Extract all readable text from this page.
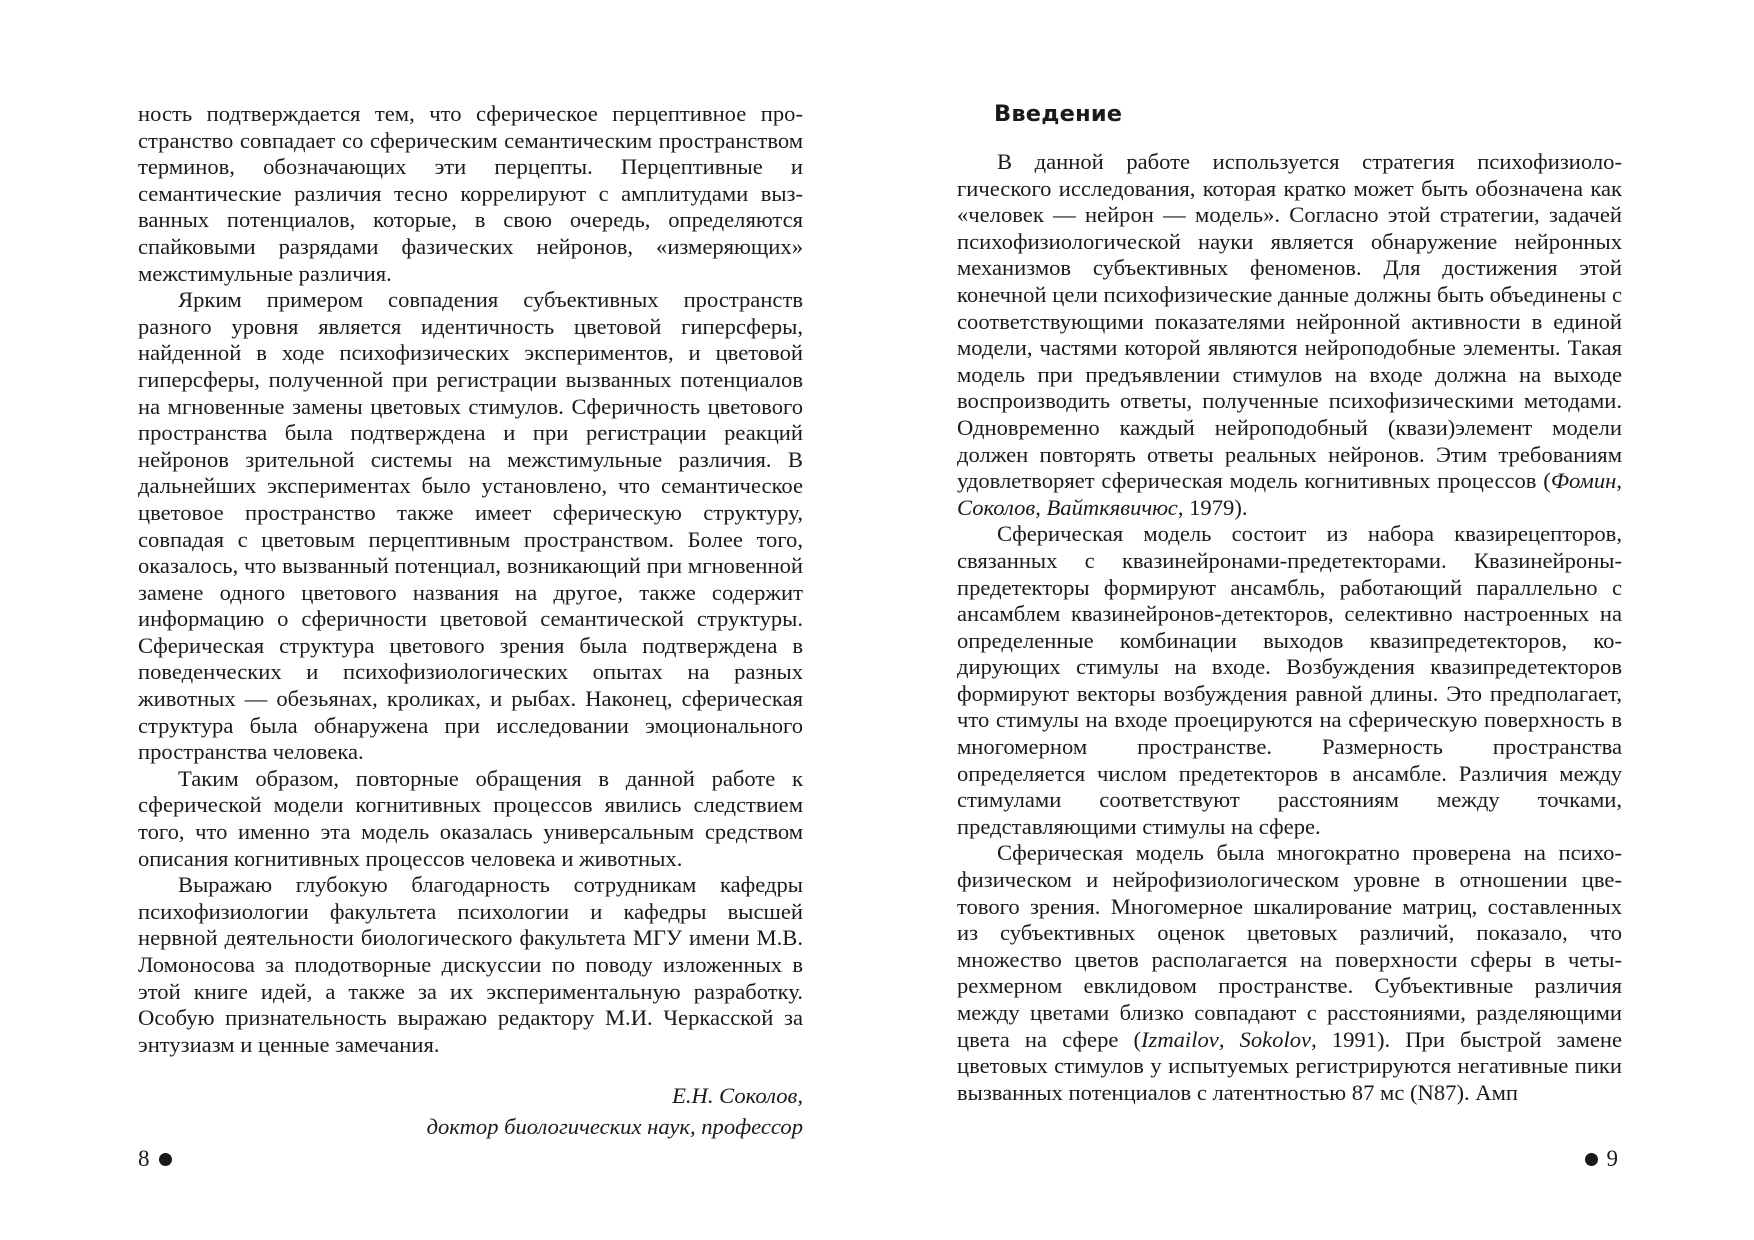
ность подтверждается тем, что сферическое перцептивное пространство совпадает со сферическим семантическим пространством терминов, обозначающих эти перцепты. Перцептивные и семантические различия тесно коррелируют с амплитудами вызванных потенциалов, которые, в свою очередь, определяются спайковыми разрядами фазических нейронов, «измеряющих» межстимульные различия.

Ярким примером совпадения субъективных пространств разного уровня является идентичность цветовой гиперсферы, найденной в ходе психофизических экспериментов, и цветовой гиперсферы, полученной при регистрации вызванных потенциалов на мгновенные замены цветовых стимулов. Сферичность цветового пространства была подтверждена и при регистрации реакций нейронов зрительной системы на межстимульные различия. В дальнейших экспериментах было установлено, что семантическое цветовое пространство также имеет сферическую структуру, совпадая с цветовым перцептивным пространством. Более того, оказалось, что вызванный потенциал, возникающий при мгновенной замене одного цветового названия на другое, также содержит информацию о сферичности цветовой семантической структуры. Сферическая структура цветового зрения была подтверждена в поведенческих и психофизиологических опытах на разных животных — обезьянах, кроликах, и рыбах. Наконец, сферическая структура была обнаружена при исследовании эмоционального пространства человека.

Таким образом, повторные обращения в данной работе к сферической модели когнитивных процессов явились следствием того, что именно эта модель оказалась универсальным средством описания когнитивных процессов человека и животных.

Выражаю глубокую благодарность сотрудникам кафедры психофизиологии факультета психологии и кафедры высшей нервной деятельности биологического факультета МГУ имени М.В. Ломоносова за плодотворные дискуссии по поводу изложенных в этой книге идей, а также за их экспериментальную разработку. Особую признательность выражаю редактору М.И. Черкасской за энтузиазм и ценные замечания.

Е.Н. Соколов,
доктор биологических наук, профессор
8
Введение

В данной работе используется стратегия психофизиологического исследования, которая кратко может быть обозначена как «человек — нейрон — модель». Согласно этой стратегии, задачей психофизиологической науки является обнаружение нейронных механизмов субъективных феноменов. Для достижения этой конечной цели психофизические данные должны быть объединены с соответствующими показателями нейронной активности в единой модели, частями которой являются нейроподобные элементы. Такая модель при предъявлении стимулов на входе должна на выходе воспроизводить ответы, полученные психофизическими методами. Одновременно каждый нейроподобный (квази)элемент модели должен повторять ответы реальных нейронов. Этим требованиям удовлетворяет сферическая модель когнитивных процессов (Фомин, Соколов, Вайткявичюс, 1979).

Сферическая модель состоит из набора квазирецепторов, связанных с квазинейронами-предетекторами. Квазинейроны-предетекторы формируют ансамбль, работающий параллельно с ансамблем квазинейронов-детекторов, селективно настроенных на определенные комбинации выходов квазипредетекторов, кодирующих стимулы на входе. Возбуждения квазипредетекторов формируют векторы возбуждения равной длины. Это предполагает, что стимулы на входе проецируются на сферическую поверхность в многомерном пространстве. Размерность пространства определяется числом предетекторов в ансамбле. Различия между стимулами соответствуют расстояниям между точками, представляющими стимулы на сфере.

Сферическая модель была многократно проверена на психофизическом и нейрофизиологическом уровне в отношении цветового зрения. Многомерное шкалирование матриц, составленных из субъективных оценок цветовых различий, показало, что множество цветов располагается на поверхности сферы в четырехмерном евклидовом пространстве. Субъективные различия между цветами близко совпадают с расстояниями, разделяющими цвета на сфере (Izmailov, Sokolov, 1991). При быстрой замене цветовых стимулов у испытуемых регистрируются негативные пики вызванных потенциалов с латентностью 87 мс (N87). Амп

9
